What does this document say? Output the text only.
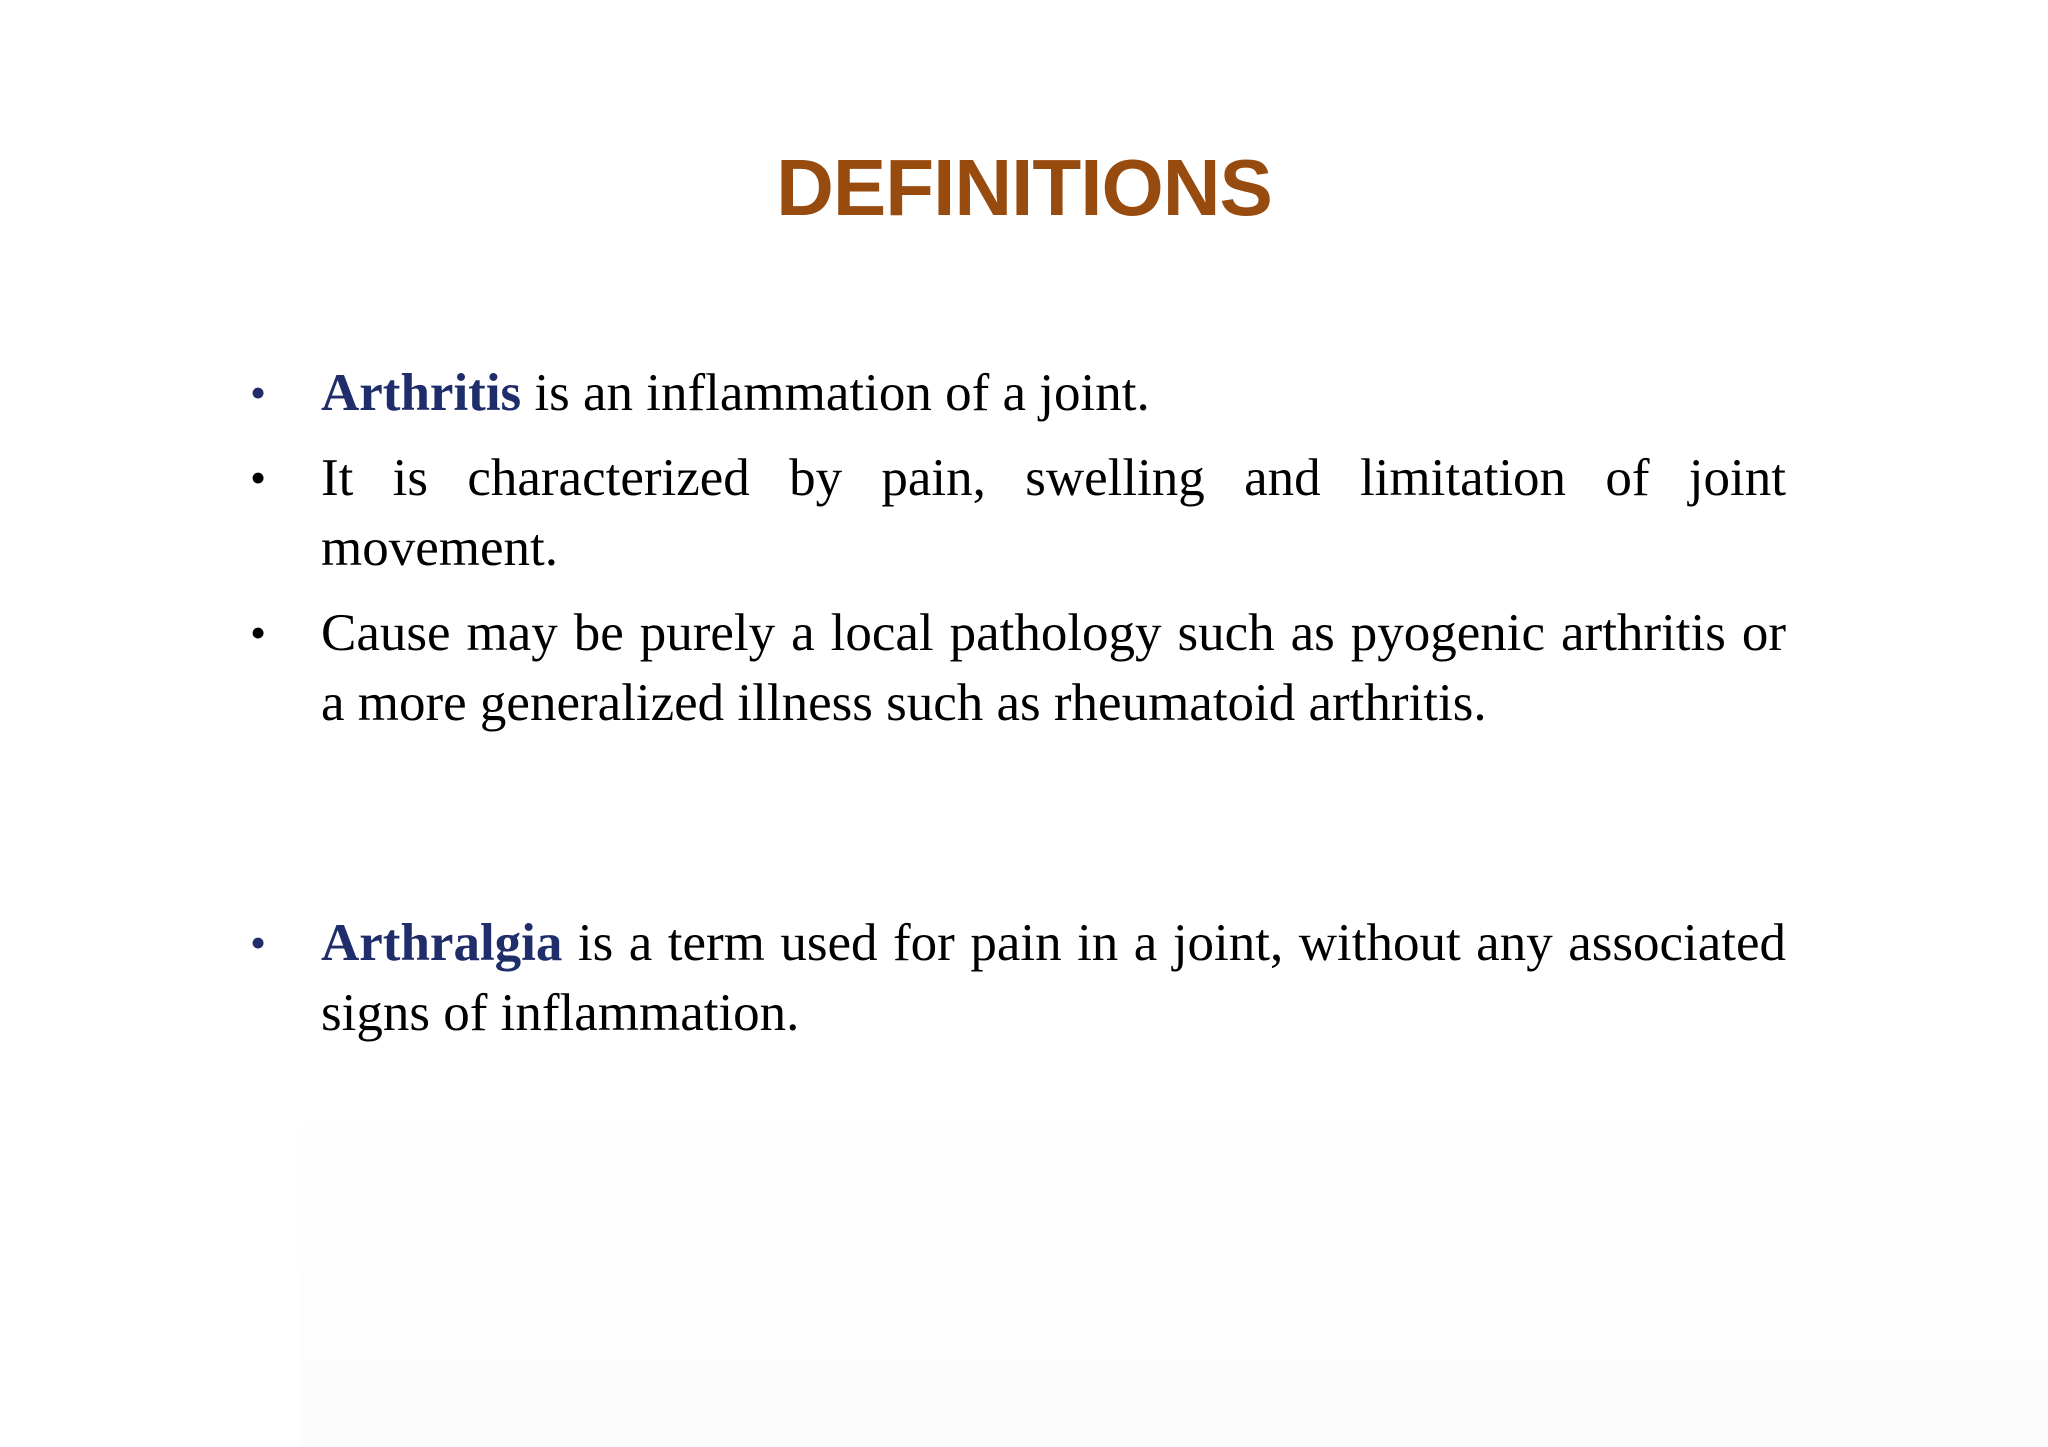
DEFINITIONS
• Arthritis is an inflammation of a joint.

• It is characterized by pain, swelling and limitation of joint movement.

• Cause may be purely a local pathology such as pyogenic arthritis or a more generalized illness such as rheumatoid arthritis.

• Arthralgia is a term used for pain in a joint, without any associated signs of inflammation.
